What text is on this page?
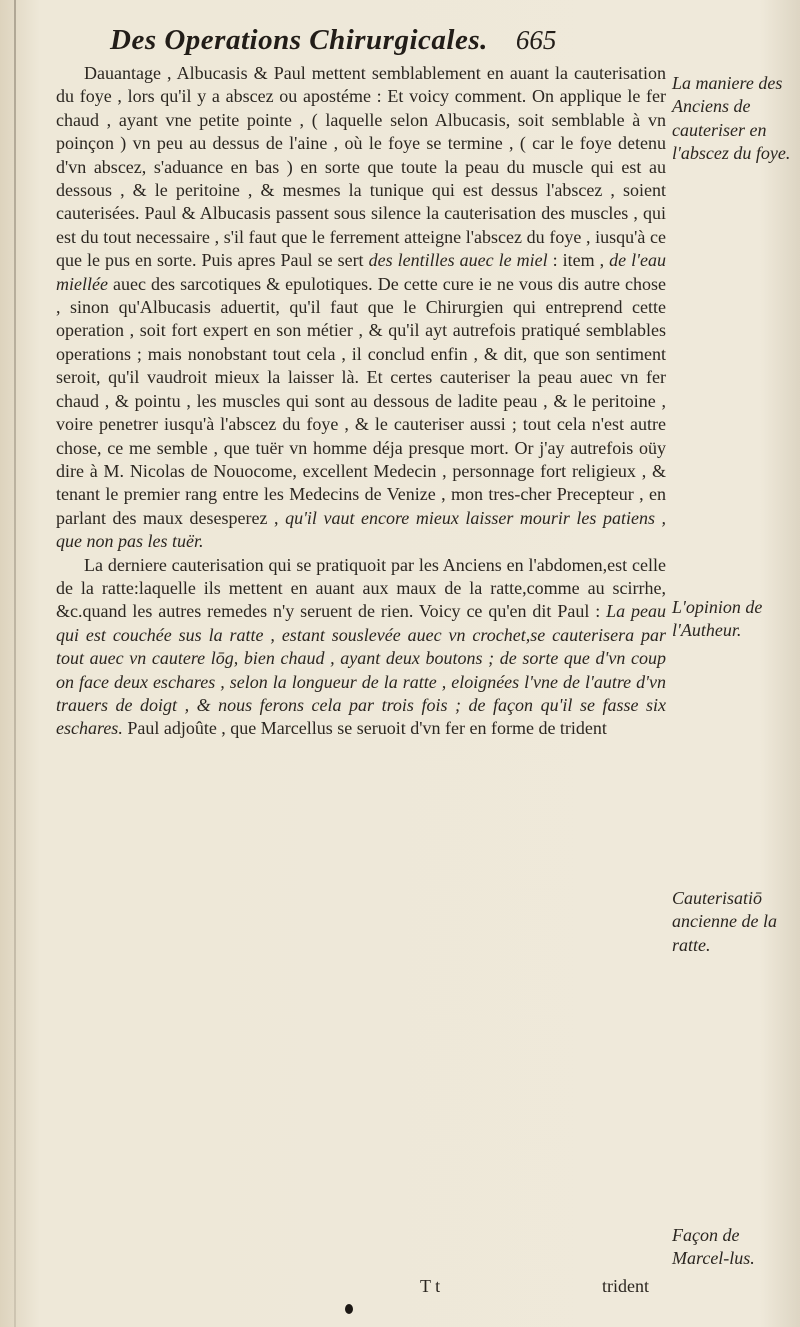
Des Operations Chirurgicales. 665

Dauantage , Albucasis & Paul mettent semblablement en auant la cauterisation du foye , lors qu'il y a abscez ou apostéme : Et voicy comment. On applique le fer chaud , ayant vne petite pointe , ( laquelle selon Albucasis, soit semblable à vn poinçon ) vn peu au dessus de l'aine , où le foye se termine , ( car le foye detenu d'vn abscez, s'aduance en bas ) en sorte que toute la peau du muscle qui est au dessous , & le peritoine , & mesmes la tunique qui est dessus l'abscez , soient cauterisées. Paul & Albucasis passent sous silence la cauterisation des muscles , qui est du tout necessaire , s'il faut que le ferrement atteigne l'abscez du foye , iusqu'à ce que le pus en sorte. Puis apres Paul se sert des lentilles auec le miel : item , de l'eau miellée auec des sarcotiques & epulotiques. De cette cure ie ne vous dis autre chose , sinon qu'Albucasis aduertit, qu'il faut que le Chirurgien qui entreprend cette operation , soit fort expert en son métier , & qu'il ayt autrefois pratiqué semblables operations ; mais nonobstant tout cela , il conclud enfin , & dit, que son sentiment seroit, qu'il vaudroit mieux la laisser là. Et certes cauteriser la peau auec vn fer chaud , & pointu , les muscles qui sont au dessous de ladite peau , & le peritoine , voire penetrer iusqu'à l'abscez du foye , & le cauteriser aussi ; tout cela n'est autre chose, ce me semble , que tuër vn homme déja presque mort. Or j'ay autrefois oüy dire à M. Nicolas de Nouocome, excellent Medecin , personnage fort religieux , & tenant le premier rang entre les Medecins de Venize , mon tres-cher Precepteur , en parlant des maux desesperez , qu'il vaut encore mieux laisser mourir les patiens , que non pas les tuër.

La derniere cauterisation qui se pratiquoit par les Anciens en l'abdomen,est celle de la ratte:laquelle ils mettent en auant aux maux de la ratte,comme au scirrhe, &c.quand les autres remedes n'y seruent de rien. Voicy ce qu'en dit Paul : La peau qui est couchée sus la ratte , estant souslevée auec vn crochet,se cauterisera par tout auec vn cautere lōg, bien chaud , ayant deux boutons ; de sorte que d'vn coup on face deux eschares , selon la longueur de la ratte , eloignées l'vne de l'autre d'vn trauers de doigt , & nous ferons cela par trois fois ; de façon qu'il se fasse six eschares. Paul adjoûte , que Marcellus se seruoit d'vn fer en forme de trident

La maniere des Anciens de cauteriser en l'abscez du foye.
L'opinion de l'Autheur.
Cauterisatiō ancienne de la ratte.
Façon de Marcel-lus.
T t	trident
